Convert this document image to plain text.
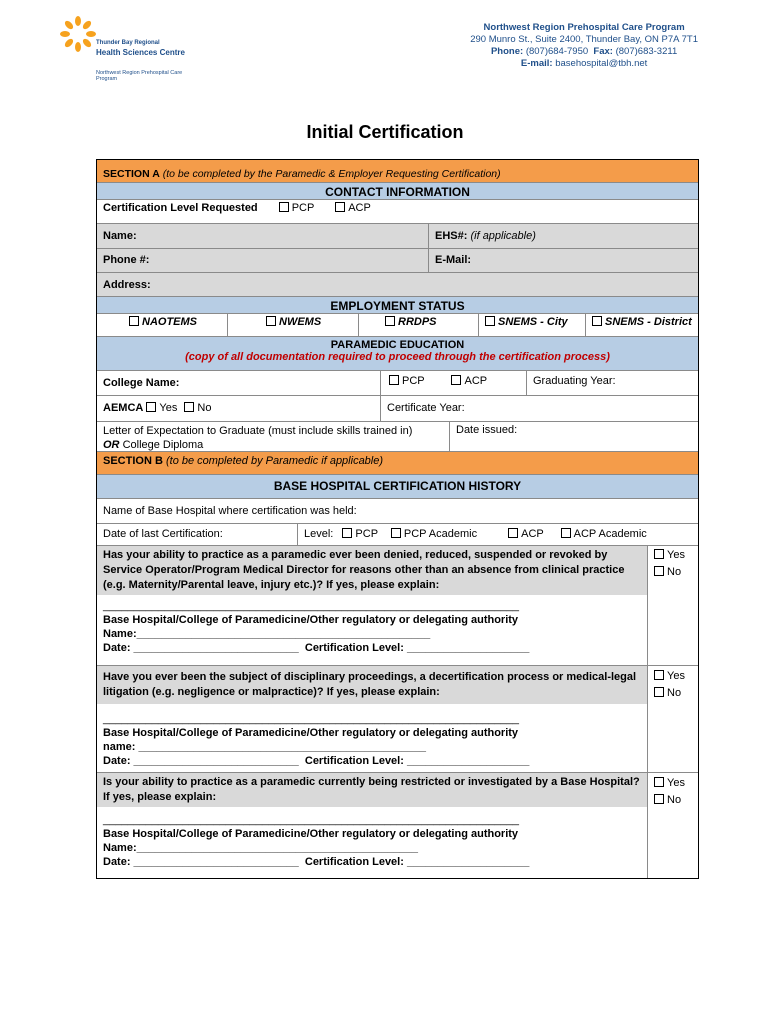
Thunder Bay Regional
Health Sciences Centre
Northwest Region Prehospital Care Program
Northwest Region Prehospital Care Program
290 Munro St., Suite 2400, Thunder Bay, ON P7A 7T1
Phone: (807)684-7950 Fax: (807)683-3211
E-mail: basehospital@tbh.net
Initial Certification
SECTION A (to be completed by the Paramedic & Employer Requesting Certification)
CONTACT INFORMATION
Certification Level Requested	PCP	ACP
Name:	EHS#: (if applicable)
Phone #:	E-Mail:
Address:
EMPLOYMENT STATUS
NAOTEMS	NWEMS	RRDPS	SNEMS - City	SNEMS - District
PARAMEDIC EDUCATION
(copy of all documentation required to proceed through the certification process)
College Name:	PCP	ACP	Graduating Year:
AEMCA Yes No	Certificate Year:
Letter of Expectation to Graduate (must include skills trained in)
OR College Diploma
Date issued:
SECTION B (to be completed by Paramedic if applicable)
BASE HOSPITAL CERTIFICATION HISTORY
Name of Base Hospital where certification was held:
Date of last Certification:	Level: PCP PCP Academic	ACP	ACP Academic
Has your ability to practice as a paramedic ever been denied, reduced, suspended or revoked by Service Operator/Program Medical Director for reasons other than an absence from clinical practice (e.g. Maternity/Parental leave, injury etc.)? If yes, please explain:
____________________________________________________________________
Base Hospital/College of Paramedicine/Other regulatory or delegating authority
Name:________________________________________________
Date: ___________________________ Certification Level: ____________________
Yes
No
Have you ever been the subject of disciplinary proceedings, a decertification process or medical-legal litigation (e.g. negligence or malpractice)? If yes, please explain:
____________________________________________________________________
Base Hospital/College of Paramedicine/Other regulatory or delegating authority
name: _______________________________________________
Date: ___________________________ Certification Level: ____________________
Yes
No
Is your ability to practice as a paramedic currently being restricted or investigated by a Base Hospital? If yes, please explain:
____________________________________________________________________
Base Hospital/College of Paramedicine/Other regulatory or delegating authority
Name:______________________________________________
Date: ___________________________ Certification Level: ____________________
Yes
No
